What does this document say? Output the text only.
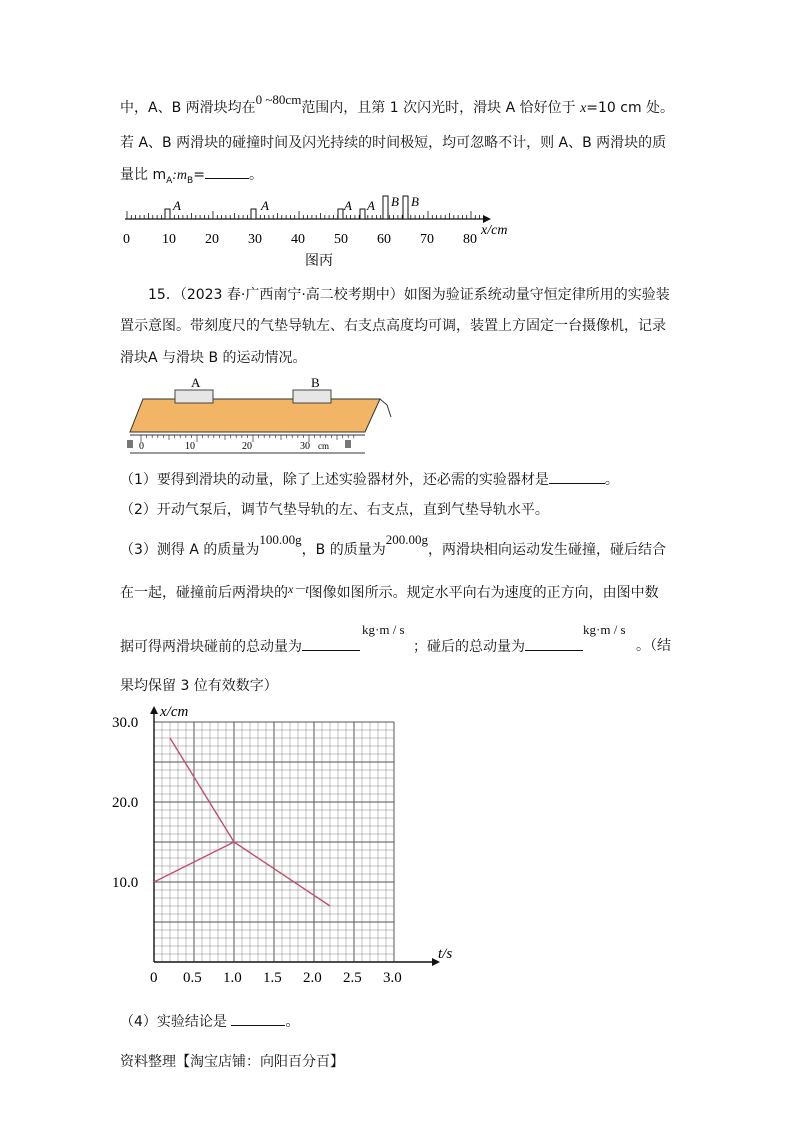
中，A、B 两滑块均在0 ~80cm范围内，且第 1 次闪光时，滑块 A 恰好位于 x=10 cm 处。
若 A、B 两滑块的碰撞时间及闪光持续的时间极短，均可忽略不计，则 A、B 两滑块的质
量比 $m_A:m_B=$	。
A	A	A A B B
0 10 20 30 40 50 60 70 80
x/cm
图丙
15．（2023 春·广西南宁·高二校考期中）如图为验证系统动量守恒定律所用的实验装
置示意图。带刻度尺的气垫导轨左、右支点高度均可调，装置上方固定一台摄像机，记录
滑块A 与滑块 B 的运动情况。
A	B
0	10	20	30 cm
（1）要得到滑块的动量，除了上述实验器材外，还必需的实验器材是	。
（2）开动气泵后，调节气垫导轨的左、右支点，直到气垫导轨水平。
（3）测得 A 的质量为100.00g，B 的质量为200.00g，两滑块相向运动发生碰撞，碰后结合
在一起，碰撞前后两滑块的x－t图像如图所示。规定水平向右为速度的正方向，由图中数
据可得两滑块碰前的总动量为
kg·m / s
；碰后的总动量为
kg·m / s
。（结
果均保留 3 位有效数字）
0 0.5 1.0 1.5 2.0 2.5 3.0
10.0
20.0
30.0
t/s
x/cm
（4）实验结论是	。
资料整理【淘宝店铺：向阳百分百】
